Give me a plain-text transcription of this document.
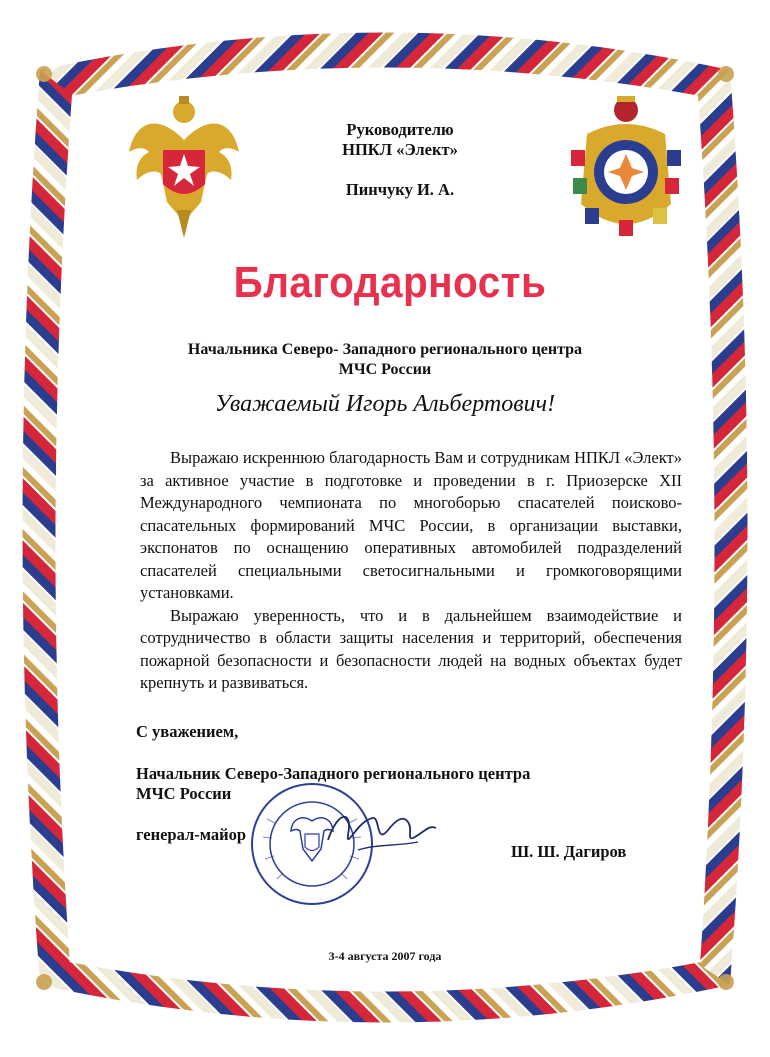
Руководителю
НПКЛ «Элект»
Пинчуку И. А.
Благодарность
Начальника Северо- Западного регионального центра
МЧС России
Уважаемый Игорь Альбертович!

Выражаю искреннюю благодарность Вам и сотрудникам НПКЛ «Элект» за активное участие в подготовке и проведении в г. Приозерске XII Международного чемпионата по многоборью спасателей поисково-спасательных формирований МЧС России, в организации выставки, экспонатов по оснащению оперативных автомобилей подразделений спасателей специальными светосигнальными и громкоговорящими установками.

Выражаю уверенность, что и в дальнейшем взаимодействие и сотрудничество в области защиты населения и территорий, обеспечения пожарной безопасности и безопасности людей на водных объектах будет крепнуть и развиваться.

С уважением,
Начальник Северо-Западного регионального центра
МЧС России
генерал-майор
Ш. Ш. Дагиров
3-4 августа 2007 года
